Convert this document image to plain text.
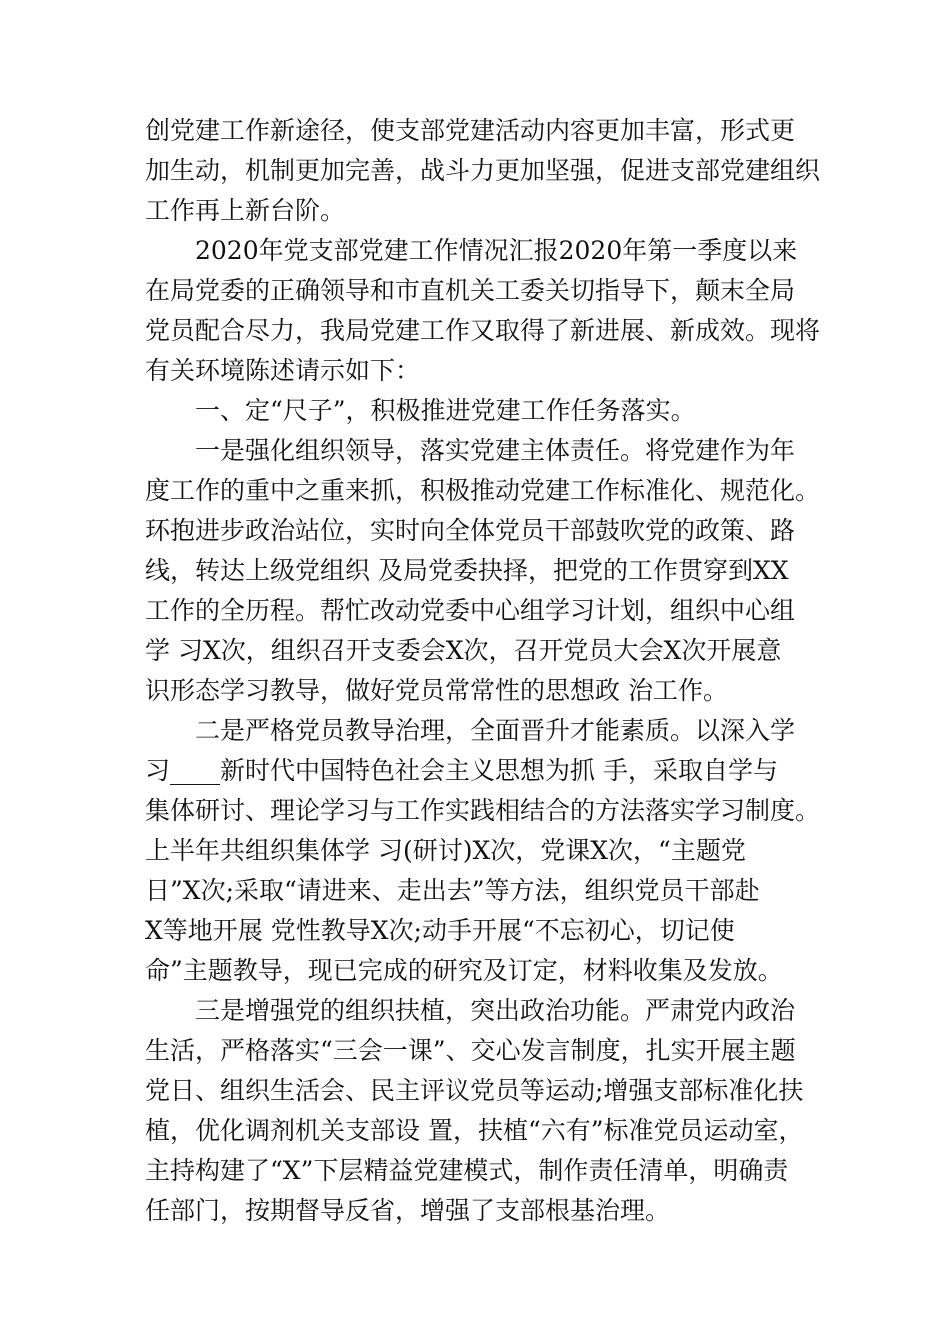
创党建工作新途径，使支部党建活动内容更加丰富，形式更
加生动，机制更加完善，战斗力更加坚强，促进支部党建组织
工作再上新台阶。
　　2020年党支部党建工作情况汇报2020年第一季度以来
在局党委的正确领导和市直机关工委关切指导下，颠末全局
党员配合尽力，我局党建工作又取得了新进展、新成效。现将
有关环境陈述请示如下：
　　一、定“尺子”，积极推进党建工作任务落实。
　　一是强化组织领导，落实党建主体责任。将党建作为年
度工作的重中之重来抓，积极推动党建工作标准化、规范化。
环抱进步政治站位，实时向全体党员干部鼓吹党的政策、路
线，转达上级党组织 及局党委抉择，把党的工作贯穿到XX
工作的全历程。帮忙改动党委中心组学习计划，组织中心组
学 习X次，组织召开支委会X次，召开党员大会X次开展意
识形态学习教导，做好党员常常性的思想政 治工作。
　　二是严格党员教导治理，全面晋升才能素质。以深入学
习____新时代中国特色社会主义思想为抓 手，采取自学与
集体研讨、理论学习与工作实践相结合的方法落实学习制度。
上半年共组织集体学 习(研讨)X次，党课X次，“主题党
日”X次;采取“请进来、走出去”等方法，组织党员干部赴
X等地开展 党性教导X次;动手开展“不忘初心，切记使
命”主题教导，现已完成的研究及订定，材料收集及发放。
　　三是增强党的组织扶植，突出政治功能。严肃党内政治
生活，严格落实“三会一课”、交心发言制度，扎实开展主题
党日、组织生活会、民主评议党员等运动;增强支部标准化扶
植，优化调剂机关支部设 置，扶植“六有”标准党员运动室，
主持构建了“X”下层精益党建模式，制作责任清单，明确责
任部门，按期督导反省，增强了支部根基治理。
